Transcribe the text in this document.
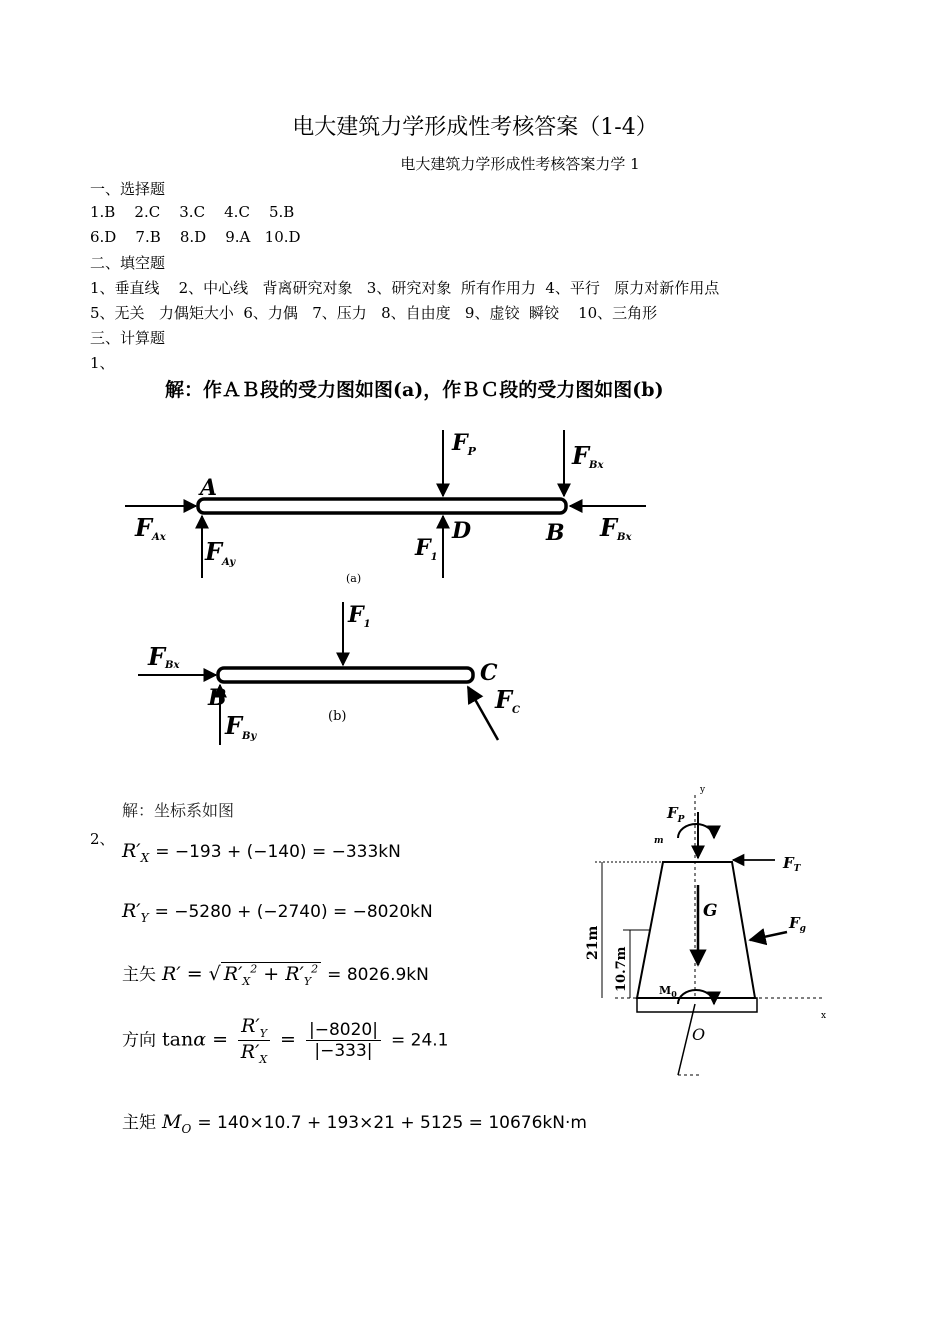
电大建筑力学形成性考核答案（1-4）
电大建筑力学形成性考核答案力学 1
一、选择题
1.B    2.C    3.C    4.C    5.B
6.D    7.B    8.D    9.A   10.D
二、填空题
1、垂直线    2、中心线   背离研究对象   3、研究对象  所有作用力  4、平行   原力对新作用点
5、无关   力偶矩大小  6、力偶   7、压力   8、自由度   9、虚铰  瞬铰    10、三角形
三、计算题
1、
2、
解：作ＡＢ段的受力图如图(a)，作ＢＣ段的受力图如图(b)
A
D	B
$F_P$	FBx
FAx $F_{Ay}$
$F_1$
FBx
(a)
B
C
$F_1$
FBx
$F_{By}$
$F_C$
(b)
y
x
$F_P$
m
$F_T$
G
$F_g$
21m
10.7m	$M_0$
O
解：坐标系如图
$R'_X = -193 + (-140) = -333kN$
$R'_Y = -5280 + (-2740) = -8020kN$
主矢 R′ = √ $R'_X^2 + R'_Y^2 = 8026.9kN$
方向 $\tan\alpha = \frac{R'_Y}{R'_X} = \frac{|-8020|}{|-333|} = 24.1$
主矩 $M_O = 140\times 10.7 + 193\times 21 + 5125 = 10676kN\cdot m$
